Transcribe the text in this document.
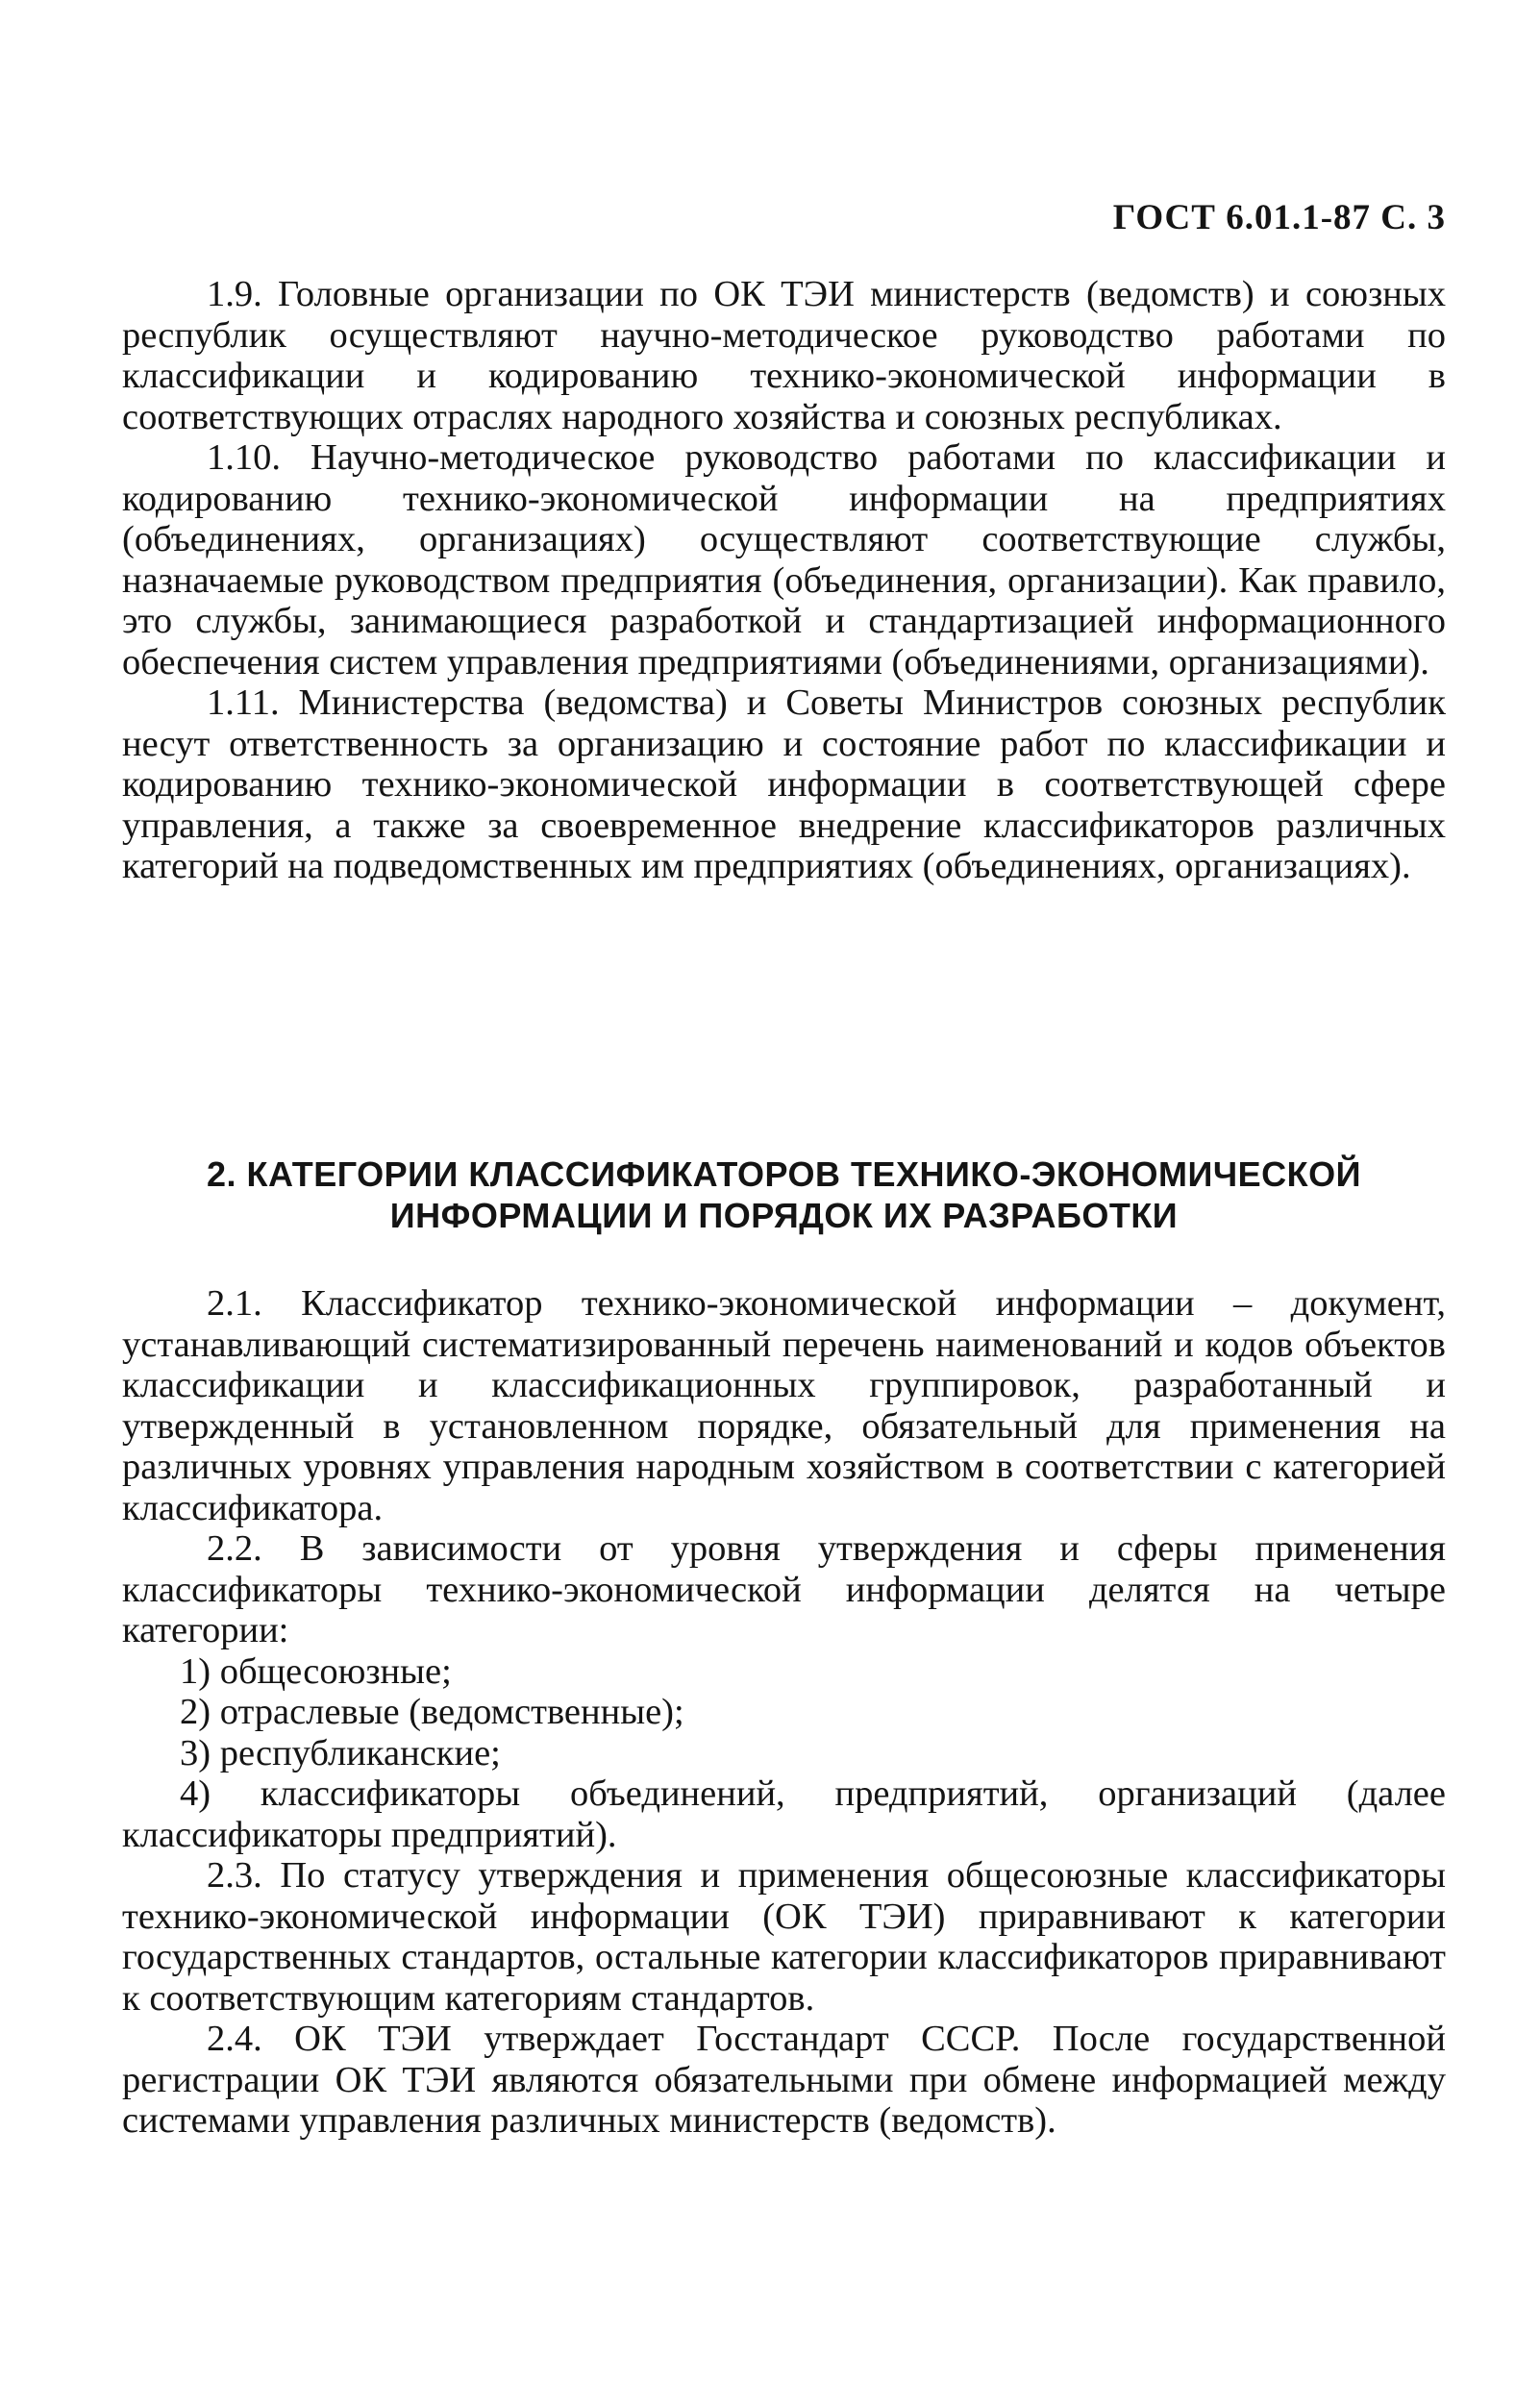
ГОСТ 6.01.1-87 С. 3

1.9. Головные организации по ОК ТЭИ министерств (ведомств) и союзных республик осуществляют научно-методическое руководство работами по классификации и кодированию технико-экономической информации в соответствующих отраслях народного хозяйства и союзных республиках.

1.10. Научно-методическое руководство работами по классификации и кодированию технико-экономической информации на предприятиях (объединениях, организациях) осуществляют соответствующие службы, назначаемые руководством предприятия (объединения, организации). Как правило, это службы, занимающиеся разработкой и стандартизацией информационного обеспечения систем управления предприятиями (объединениями, организациями).

1.11. Министерства (ведомства) и Советы Министров союзных республик несут ответственность за организацию и состояние работ по классификации и кодированию технико-экономической информации в соответствующей сфере управления, а также за своевременное внедрение классификаторов различных категорий на подведомственных им предприятиях (объединениях, организациях).

2. КАТЕГОРИИ КЛАССИФИКАТОРОВ ТЕХНИКО-ЭКОНОМИЧЕСКОЙ
ИНФОРМАЦИИ И ПОРЯДОК ИХ РАЗРАБОТКИ

2.1. Классификатор технико-экономической информации – документ, устанавливающий систематизированный перечень наименований и кодов объектов классификации и классификационных группировок, разработанный и утвержденный в установленном порядке, обязательный для применения на различных уровнях управления народным хозяйством в соответствии с категорией классификатора.

2.2. В зависимости от уровня утверждения и сферы применения классификаторы технико-экономической информации делятся на четыре категории:

1) общесоюзные;

2) отраслевые (ведомственные);

3) республиканские;

4) классификаторы объединений, предприятий, организаций (далее классификаторы предприятий).

2.3. По статусу утверждения и применения общесоюзные классификаторы технико-экономической информации (ОК ТЭИ) приравнивают к категории государственных стандартов, остальные категории классификаторов приравнивают к соответствующим категориям стандартов.

2.4. ОК ТЭИ утверждает Госстандарт СССР. После государственной регистрации ОК ТЭИ являются обязательными при обмене информацией между системами управления различных министерств (ведомств).
